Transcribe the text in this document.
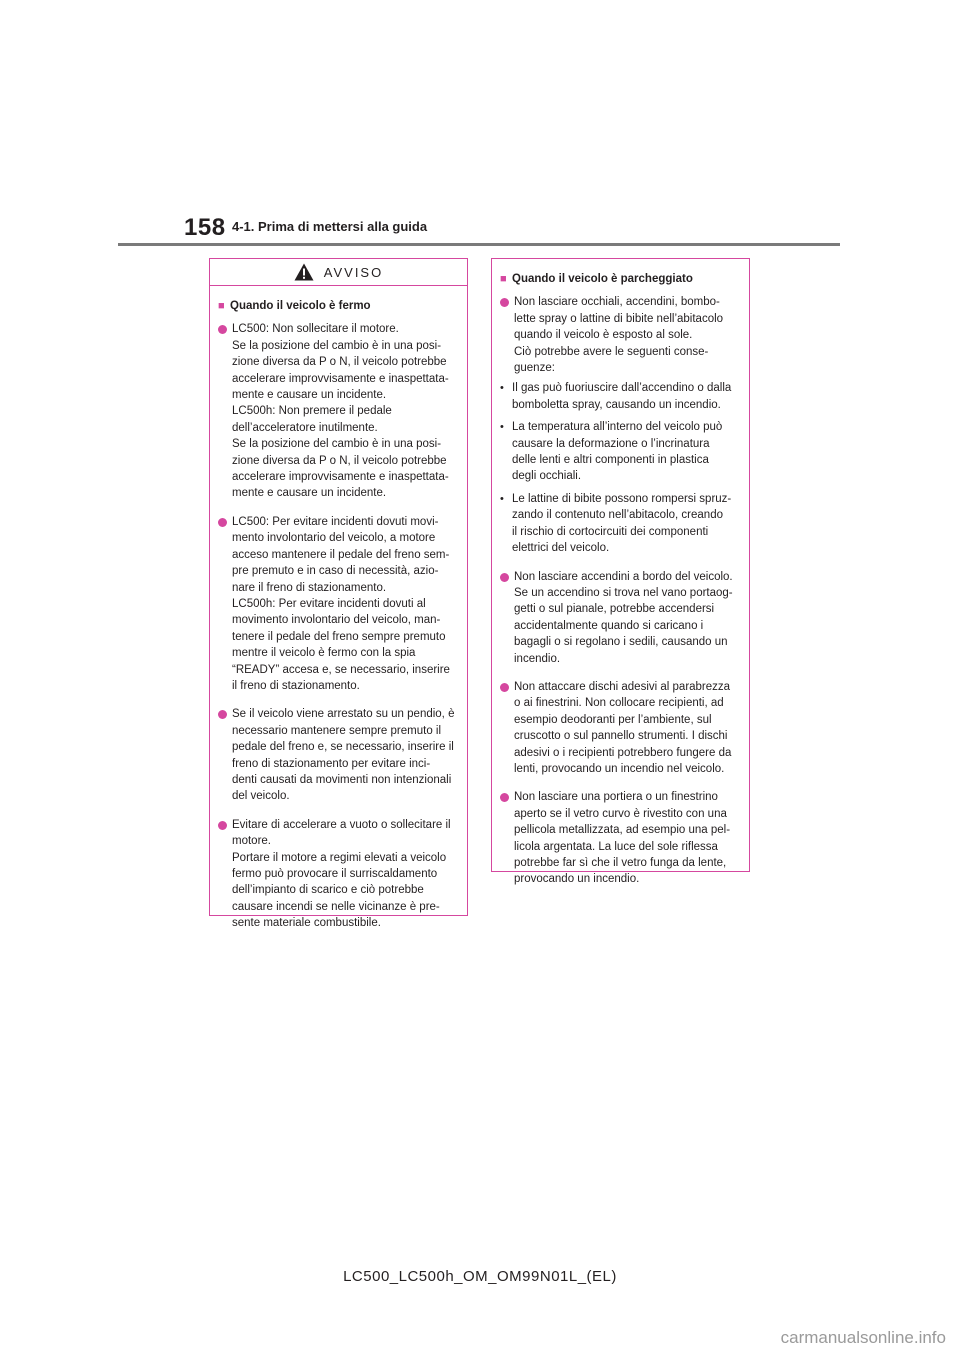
158 4-1. Prima di mettersi alla guida
AVVISO
■ Quando il veicolo è fermo
LC500: Non sollecitare il motore.
Se la posizione del cambio è in una posi-
zione diversa da P o N, il veicolo potrebbe
accelerare improvvisamente e inaspettata-
mente e causare un incidente.
LC500h: Non premere il pedale
dell’acceleratore inutilmente.
Se la posizione del cambio è in una posi-
zione diversa da P o N, il veicolo potrebbe
accelerare improvvisamente e inaspettata-
mente e causare un incidente.
LC500: Per evitare incidenti dovuti movi-
mento involontario del veicolo, a motore
acceso mantenere il pedale del freno sem-
pre premuto e in caso di necessità, azio-
nare il freno di stazionamento.
LC500h: Per evitare incidenti dovuti al
movimento involontario del veicolo, man-
tenere il pedale del freno sempre premuto
mentre il veicolo è fermo con la spia
“READY” accesa e, se necessario, inserire
il freno di stazionamento.
Se il veicolo viene arrestato su un pendio, è
necessario mantenere sempre premuto il
pedale del freno e, se necessario, inserire il
freno di stazionamento per evitare inci-
denti causati da movimenti non intenzionali
del veicolo.
Evitare di accelerare a vuoto o sollecitare il
motore.
Portare il motore a regimi elevati a veicolo
fermo può provocare il surriscaldamento
dell’impianto di scarico e ciò potrebbe
causare incendi se nelle vicinanze è pre-
sente materiale combustibile.
■ Quando il veicolo è parcheggiato
Non lasciare occhiali, accendini, bombo-
lette spray o lattine di bibite nell’abitacolo
quando il veicolo è esposto al sole.
Ciò potrebbe avere le seguenti conse-
guenze:
• Il gas può fuoriuscire dall’accendino o dalla
bomboletta spray, causando un incendio.
• La temperatura all’interno del veicolo può
causare la deformazione o l’incrinatura
delle lenti e altri componenti in plastica
degli occhiali.
• Le lattine di bibite possono rompersi spruz-
zando il contenuto nell’abitacolo, creando
il rischio di cortocircuiti dei componenti
elettrici del veicolo.
Non lasciare accendini a bordo del veicolo.
Se un accendino si trova nel vano portaog-
getti o sul pianale, potrebbe accendersi
accidentalmente quando si caricano i
bagagli o si regolano i sedili, causando un
incendio.
Non attaccare dischi adesivi al parabrezza
o ai finestrini. Non collocare recipienti, ad
esempio deodoranti per l’ambiente, sul
cruscotto o sul pannello strumenti. I dischi
adesivi o i recipienti potrebbero fungere da
lenti, provocando un incendio nel veicolo.
Non lasciare una portiera o un finestrino
aperto se il vetro curvo è rivestito con una
pellicola metallizzata, ad esempio una pel-
licola argentata. La luce del sole riflessa
potrebbe far sì che il vetro funga da lente,
provocando un incendio.
LC500_LC500h_OM_OM99N01L_(EL)
carmanualsonline.info
